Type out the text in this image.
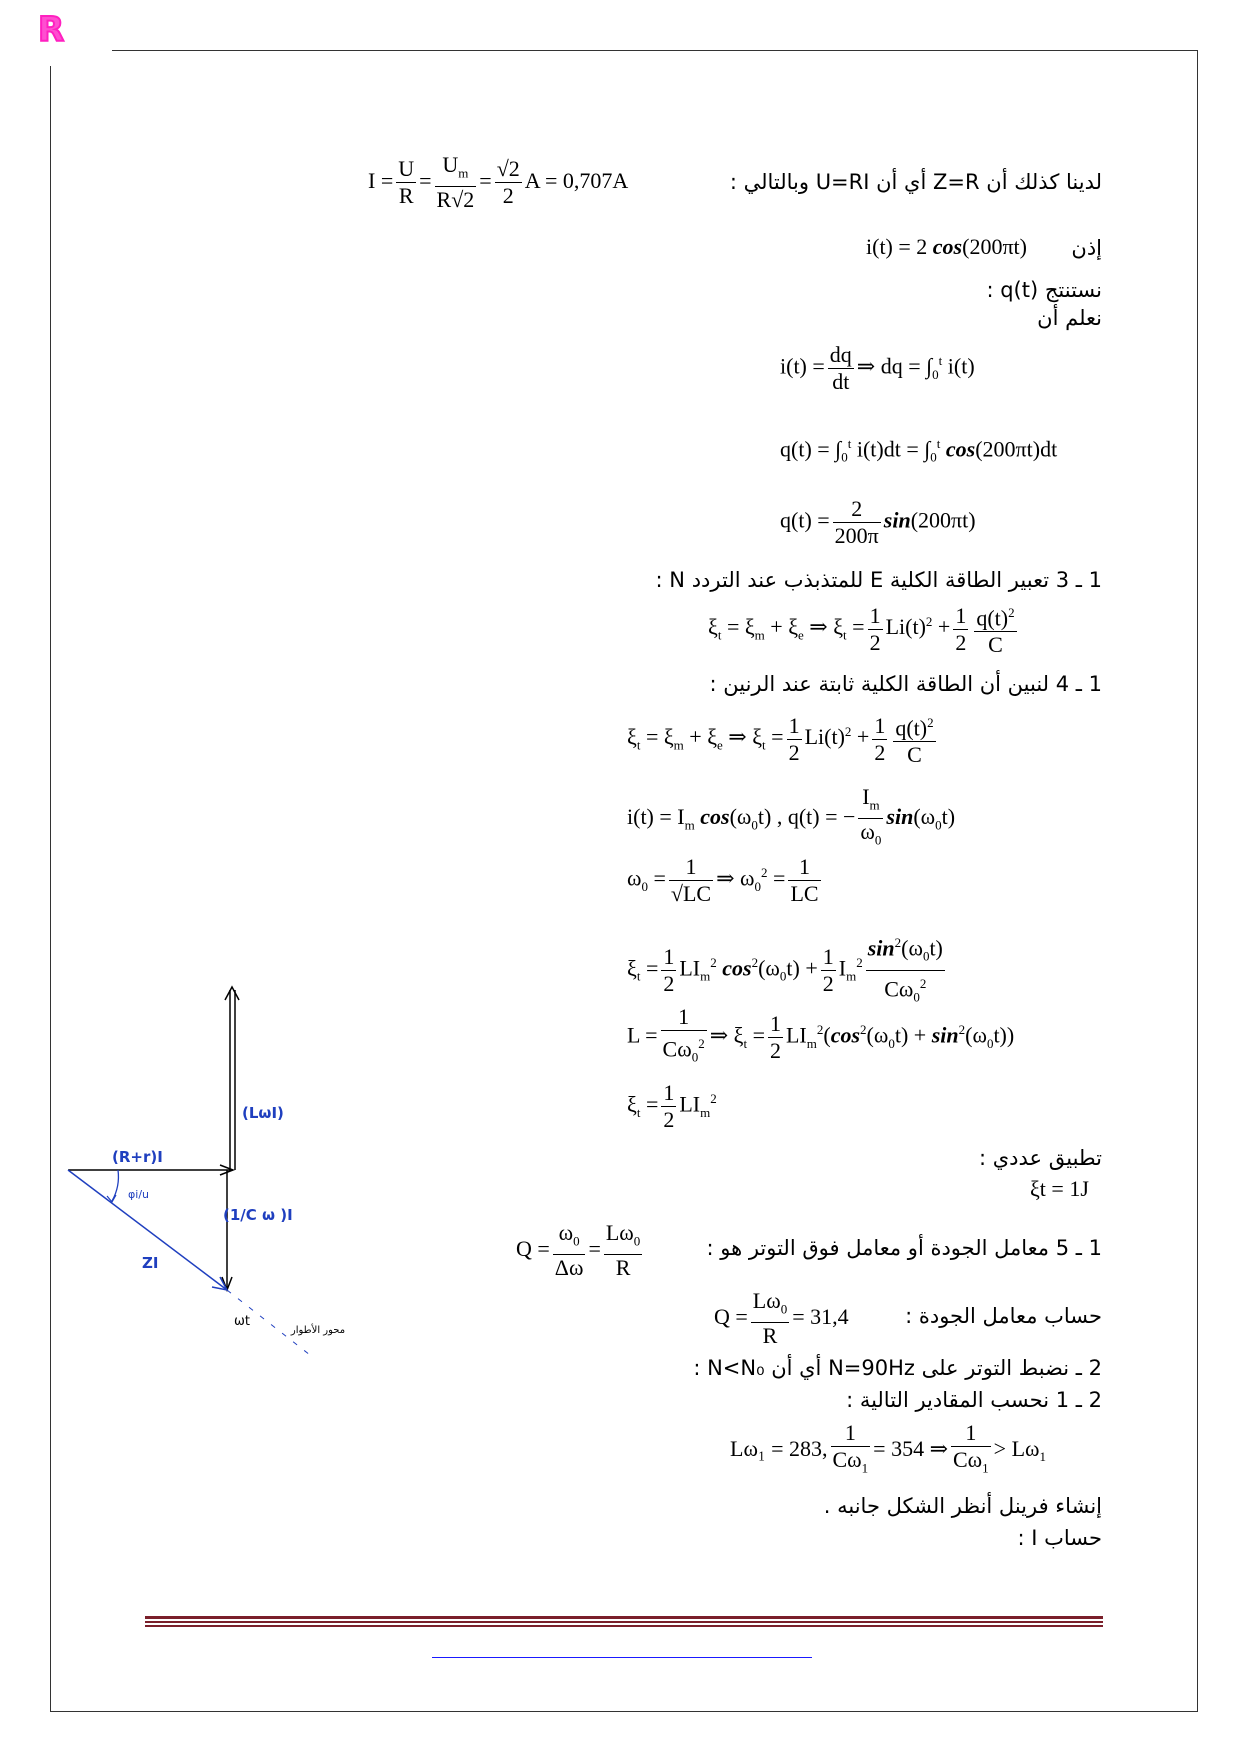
R
لدينا كذلك أن Z=R أي أن U=RI وبالتالي :
$I = \frac{U}{R} = \frac{U_m}{R√2} = \frac{√2}{2}$ A = 0,707A
إذن
i(t) = 2 cos(200πt)
نستنتج q(t) :
نعلم أن
$i(t) = \frac{dq}{dt}$ ⇒ dq = $\int_0^t$ i(t)
$q(t) = \int_0^t$ $i(t)dt = \int_0^t$ cos(200πt)dt
$q(t) = \frac{2}{200\pi} \sin(200\pi t)$
1 ـ 3 تعبير الطاقة الكلية E للمتذبذب عند التردد N :
$\xi_t = \xi_m + \xi_e$ ⇒ $\xi_t = \frac{1}{2} Li(t)^2 + \frac{1}{2} \frac{q(t)^2}{C}$
1 ـ 4 لنبين أن الطاقة الكلية ثابتة عند الرنين :
$\xi_t = \xi_m + \xi_e$ ⇒ $\xi_t = \frac{1}{2} Li(t)^2 + \frac{1}{2} \frac{q(t)^2}{C}$
$i(t) = I_m$ $\cos(\omega_0t)$ , q(t) = − $\frac{I_m}{\omega_0} \sin(\omega_0t)$
$\omega_0 = \frac{1}{√LC}$ ⇒ $\omega_0^2 = \frac{1}{LC}$
$\xi_t = \frac{1}{2} LI_m^2$ $\cos^2(\omega_0t) + \frac{1}{2} I_m^2 \frac{\sin^2(\omega_0t)}{C\omega_0^2}$
$L = \frac{1}{C\omega_0^2}$ ⇒ $\xi_t = \frac{1}{2} LI_m^2(\cos^2(\omega_0t) + \sin^2(\omega_0t))$
$\xi_t = \frac{1}{2} LI_m^2$
تطبيق عددي :
ξt = 1J
1 ـ 5 معامل الجودة أو معامل فوق التوتر هو :
$Q = \frac{\omega_0}{\Delta\omega} = \frac{L\omega_0}{R}$
حساب معامل الجودة :
$Q = \frac{L\omega_0}{R} = 31,4$
2 ـ نضبط التوتر على N=90Hz أي أن N<N₀ :
2 ـ 1 نحسب المقادير التالية :
Lω₁ = 283, $\frac{1}{C\omega_1} = 354$ ⇒ $\frac{1}{C\omega_1} > L\omega_1$
إنشاء فرينل أنظر الشكل جانبه .
حساب I :
(LωI)
(R+r)I
φi/u
(1/C ω )I
ZI
ωt
محور الأطوار
